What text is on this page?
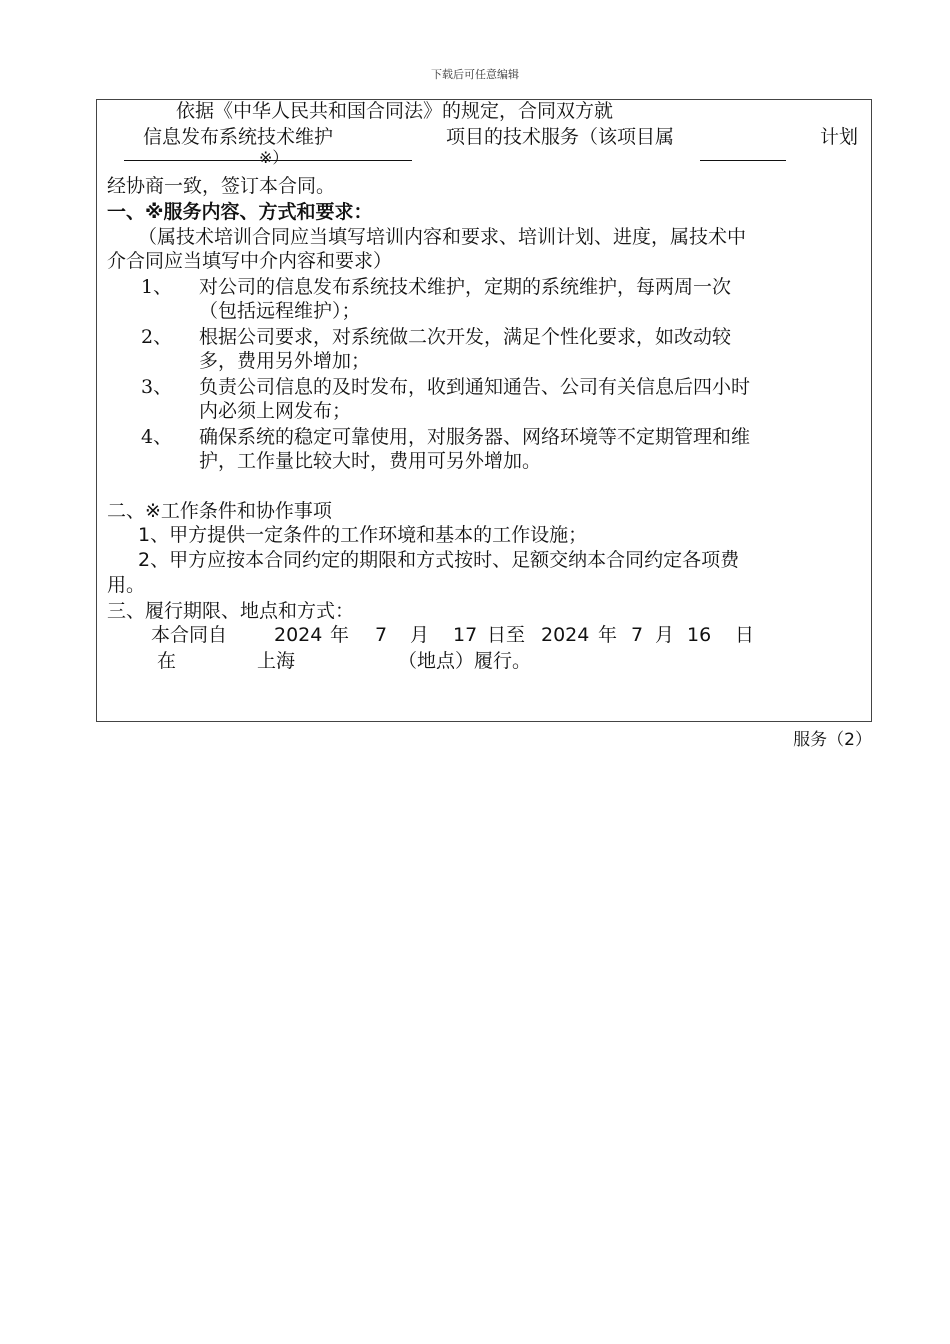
下载后可任意编辑
依据《中华人民共和国合同法》的规定，合同双方就
信息发布系统技术维护	项目的技术服务（该项目属	计划
※）
经协商一致，签订本合同。
一、※服务内容、方式和要求：
（属技术培训合同应当填写培训内容和要求、培训计划、进度，属技术中
介合同应当填写中介内容和要求）
1、 对公司的信息发布系统技术维护，定期的系统维护，每两周一次
（包括远程维护）；
2、 根据公司要求，对系统做二次开发，满足个性化要求，如改动较
多，费用另外增加；
3、 负责公司信息的及时发布，收到通知通告、公司有关信息后四小时
内必须上网发布；
4、 确保系统的稳定可靠使用，对服务器、网络环境等不定期管理和维
护，工作量比较大时，费用可另外增加。
二、※工作条件和协作事项
1、甲方提供一定条件的工作环境和基本的工作设施；
2、甲方应按本合同约定的期限和方式按时、足额交纳本合同约定各项费
用。
三、履行期限、地点和方式：
本合同自 2024 年 7 月 17 日至 2024 年 7 月 16 日
在	上海	（地点）履行。
服务（2）
